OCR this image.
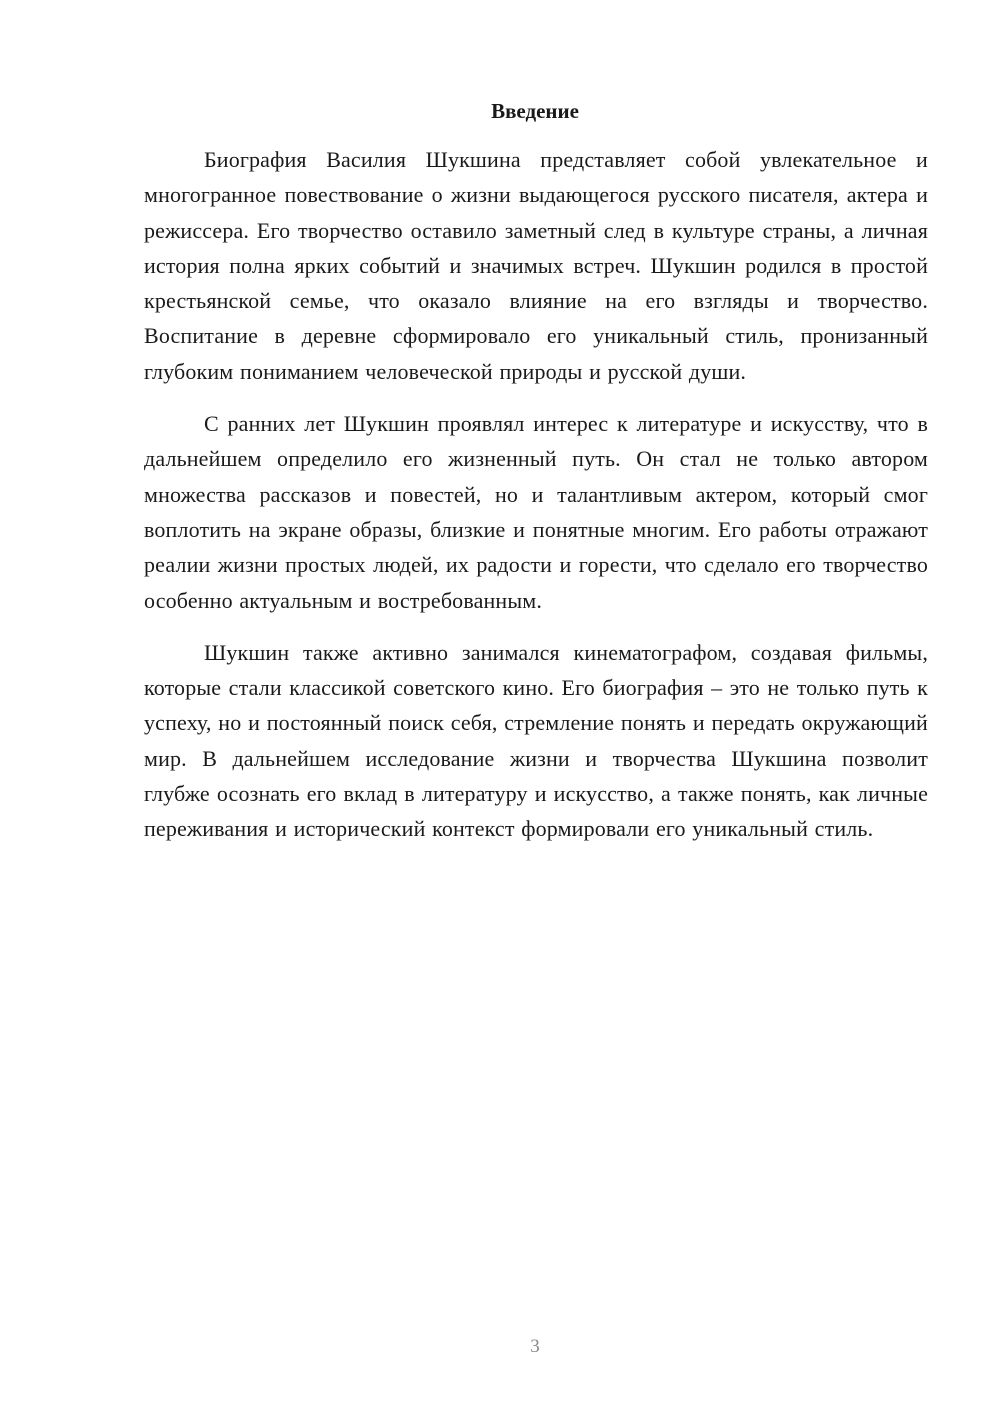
Введение

Биография Василия Шукшина представляет собой увлекательное и многогранное повествование о жизни выдающегося русского писателя, актера и режиссера. Его творчество оставило заметный след в культуре страны, а личная история полна ярких событий и значимых встреч. Шукшин родился в простой крестьянской семье, что оказало влияние на его взгляды и творчество. Воспитание в деревне сформировало его уникальный стиль, пронизанный глубоким пониманием человеческой природы и русской души.

С ранних лет Шукшин проявлял интерес к литературе и искусству, что в дальнейшем определило его жизненный путь. Он стал не только автором множества рассказов и повестей, но и талантливым актером, который смог воплотить на экране образы, близкие и понятные многим. Его работы отражают реалии жизни простых людей, их радости и горести, что сделало его творчество особенно актуальным и востребованным.

Шукшин также активно занимался кинематографом, создавая фильмы, которые стали классикой советского кино. Его биография – это не только путь к успеху, но и постоянный поиск себя, стремление понять и передать окружающий мир. В дальнейшем исследование жизни и творчества Шукшина позволит глубже осознать его вклад в литературу и искусство, а также понять, как личные переживания и исторический контекст формировали его уникальный стиль.

3
